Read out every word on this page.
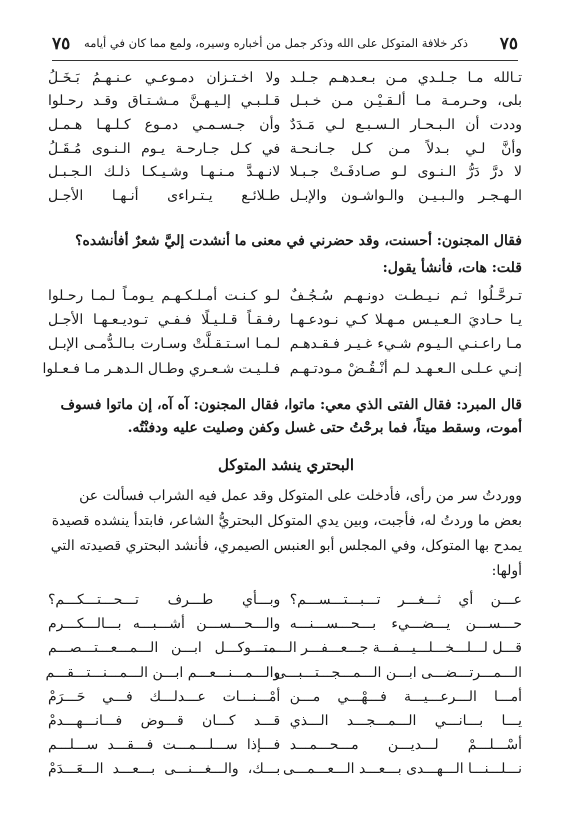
٧٥
ذكر خلافة المتوكل على الله وذكر جمل من أخباره وسيره، ولمع مما كان في أيامه
٧٥
تـالله مـا جـلـدي مـن بـعـدهـم جـلـد
ولا اخـتـزان دمـوعـي عـنـهـمُ بَـخَـلُ
بلى، وحـرمـة مـا ألـقـيْـن مـن خـبـل
قـلـبـي إلـيـهـنَّ مـشـتـاق وقـد رحـلوا
وددت أن الـبـحـار الـسـبـع لـي مَـدَدٌ
وأن جـسـمـي دمـوع كـلـهـا هـمـل
وأنَّ لـي بـدلاً مـن كـل جـانـحـة
في كـل جـارحـة يـوم الـنـوى مُـقَـلُ
لا درَّ دَرُّ الـنـوى لـو صـادفَـتْ جـبـلا
لانـهـدَّ مـنـهـا وشـيـكـا ذلـك الـجـبـل
الـهـجـر والـبـيـن والـواشـون والإبـل
طـلائـع يـتـراءى أنـهـا الأجـل
فقال المجنون: أحسنت، وقد حضرني في معنى ما أنشدت إليَّ شعرٌ أفأنشده؟
قلت: هات، فأنشأ يقول:
تـرحَّـلُوا ثـم نـيـطـت دونـهـم سُـجُـفٌ
لـو كـنـت أمـلـكـهـم يـومـاً لـمـا رحـلوا
يـا حـاديَ الـعـيـس مـهـلا كـي نـودعـهـا
رفـقـاً قـلـيـلًا فـفـي تـوديـعـهـا الأجـل
مـا راعـنـي الـيـوم شـيء غـيـر فـقـدهـم
لـمـا اسـتـقـلَّتْ وسـارت بـالـدُّمـى الإبـل
إنـي عـلـى الـعـهـد لـم أنْـقُـضْ مـودتـهـم
فـلـيـت شـعـري وطـال الـدهـر مـا فـعـلوا
قال المبرد: فقال الفتى الذي معي: ماتوا، فقال المجنون: آه آه، إن ماتوا فسوف
أموت، وسقط ميتاً، فما برحْتُ حتى غسل وكفن وصليت عليه ودفنْتُه.
البحتري ينشد المتوكل
ووردتُ سر من رأى، فأدخلت على المتوكل وقد عمل فيه الشراب فسألت عن
بعض ما وردتُ له، فأجبت، وبين يدي المتوكل البحتريُّ الشاعر، فابتدأ ينشده قصيدة
يمدح بها المتوكل، وفي المجلس أبو العنبس الصيمري، فأنشد البحتري قصيدته التي
أولها:
عـــن أي ثـــغـــر تـــبـــتـــســـم؟
وبـــأي طـــرف تـــحـــتـــكـــم؟
حـــســـن يـــضـــيء بـــحـــســـنـــه
والـــحـــســـن أشـــبـــه بـــالـــكـــرم
قـــل لـــلـــخـــلـــيـــفـــة جـــعـــفـــر الـــمـــ
ـــتـــوكـــل ابـــن الـــمـــعـــتـــصـــم
الـــمـــرتـــضـــى ابـــن الـــمـــجـــتـــبـــى
والـــمـــنـــعـــم ابـــن الـــمـــنـــتـــقـــم
أمـــا الـــرعـــيـــة فـــهْـــي مـــن
أمْـــنـــات عـــدلـــك فـــي حَـــرَمْ
يـــا بـــانـــي الـــمـــجـــد الـــذي
قـــد كـــان قـــوض فـــانـــهـــدمْ
أسْـــلـــمْ لـــديـــن مـــحـــمـــد
فـــإذا ســـلـــمـــت فـــقـــد ســـلـــم
نـــلـــنـــا الـــهـــدى بـــعـــد الـــعـــمـــى
بـــك، والـــغـــنـــى بـــعـــد الـــعَـــدَمْ
